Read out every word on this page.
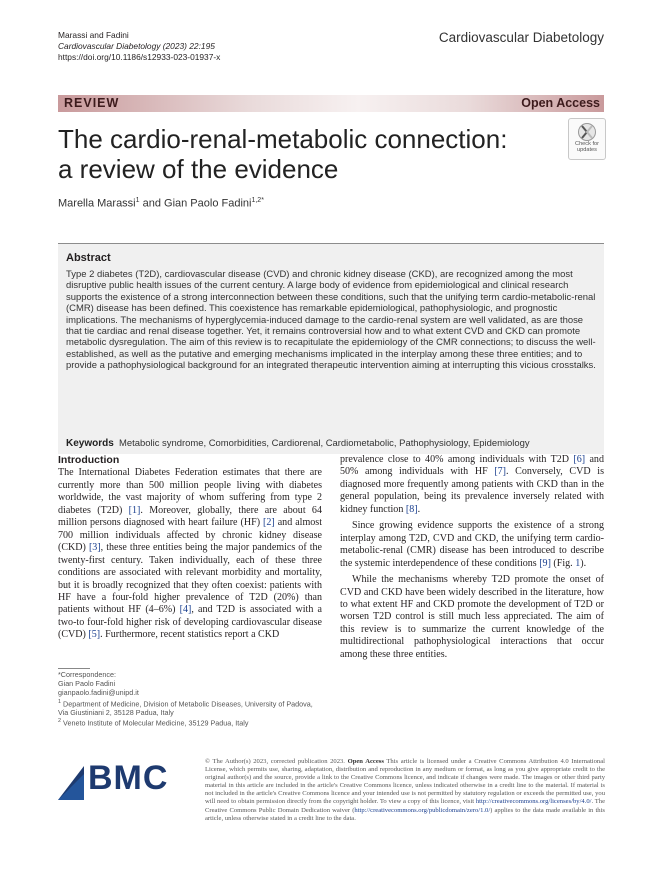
Marassi and Fadini
Cardiovascular Diabetology (2023) 22:195
https://doi.org/10.1186/s12933-023-01937-x
Cardiovascular Diabetology
REVIEW	Open Access
The cardio-renal-metabolic connection:
a review of the evidence
Check for
updates
Marella Marassi$^1$ and Gian Paolo Fadini$^{1,2*}$
Abstract

Type 2 diabetes (T2D), cardiovascular disease (CVD) and chronic kidney disease (CKD), are recognized among the most disruptive public health issues of the current century. A large body of evidence from epidemiological and clinical research supports the existence of a strong interconnection between these conditions, such that the unifying term cardio-metabolic-renal (CMR) disease has been defined. This coexistence has remarkable epidemiological, pathophysiologic, and prognostic implications. The mechanisms of hyperglycemia-induced damage to the cardio-renal system are well validated, as are those that tie cardiac and renal disease together. Yet, it remains controversial how and to what extent CVD and CKD can promote metabolic dysregulation. The aim of this review is to recapitulate the epidemiology of the CMR connections; to discuss the well-established, as well as the putative and emerging mechanisms implicated in the interplay among these three entities; and to provide a pathophysiological background for an integrated therapeutic intervention aiming at interrupting this vicious crosstalks.

Keywords Metabolic syndrome, Comorbidities, Cardiorenal, Cardiometabolic, Pathophysiology, Epidemiology
Introduction

The International Diabetes Federation estimates that there are currently more than 500 million people living with diabetes worldwide, the vast majority of whom suffering from type 2 diabetes (T2D) [1]. Moreover, globally, there are about 64 million persons diagnosed with heart failure (HF) [2] and almost 700 million individuals affected by chronic kidney disease (CKD) [3], these three entities being the major pandemics of the twenty-first century. Taken individually, each of these three conditions are associated with relevant morbidity and mortality, but it is broadly recognized that they often coexist: patients with HF have a four-fold higher prevalence of T2D (20%) than patients without HF (4–6%) [4], and T2D is associated with a two-to four-fold higher risk of developing cardiovascular disease (CVD) [5]. Furthermore, recent statistics report a CKD

prevalence close to 40% among individuals with T2D [6] and 50% among individuals with HF [7]. Conversely, CVD is diagnosed more frequently among patients with CKD than in the general population, being its prevalence inversely related with kidney function [8].

Since growing evidence supports the existence of a strong interplay among T2D, CVD and CKD, the unifying term cardio-metabolic-renal (CMR) disease has been introduced to describe the systemic interdependence of these conditions [9] (Fig. 1).

While the mechanisms whereby T2D promote the onset of CVD and CKD have been widely described in the literature, how to what extent HF and CKD promote the development of T2D or worsen T2D control is still much less appreciated. The aim of this review is to summarize the current knowledge of the multidirectional pathophysiological interactions that occur among these three entities.

*Correspondence:
Gian Paolo Fadini
gianpaolo.fadini@unipd.it
$^1$ Department of Medicine, Division of Metabolic Diseases, University of Padova, Via Giustiniani 2, 35128 Padua, Italy
$^2$ Veneto Institute of Molecular Medicine, 35129 Padua, Italy
BMC	© The Author(s) 2023, corrected publication 2023. Open Access This article is licensed under a Creative Commons Attribution 4.0 International License, which permits use, sharing, adaptation, distribution and reproduction in any medium or format, as long as you give appropriate credit to the original author(s) and the source, provide a link to the Creative Commons licence, and indicate if changes were made. The images or other third party material in this article are included in the article's Creative Commons licence, unless indicated otherwise in a credit line to the material. If material is not included in the article's Creative Commons licence and your intended use is not permitted by statutory regulation or exceeds the permitted use, you will need to obtain permission directly from the copyright holder. To view a copy of this licence, visit http://creativecommons.org/licenses/by/4.0/. The Creative Commons Public Domain Dedication waiver (http://creativecommons.org/publicdomain/zero/1.0/) applies to the data made available in this article, unless otherwise stated in a credit line to the data.
